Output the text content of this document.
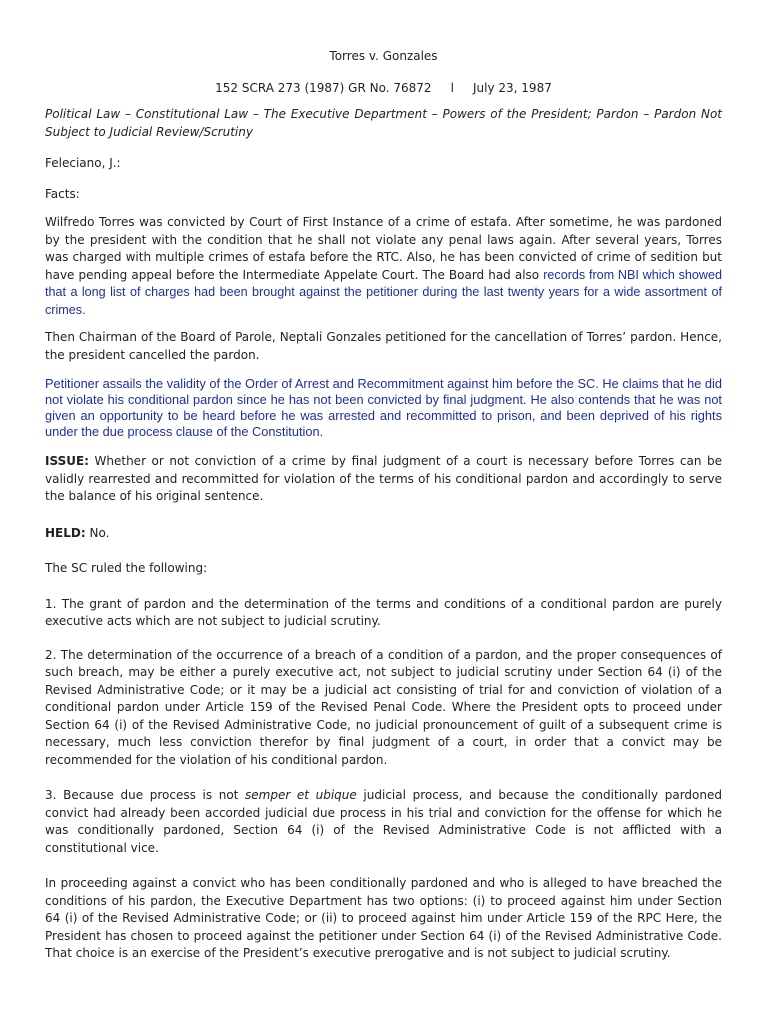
Torres v. Gonzales
152 SCRA 273 (1987) GR No. 76872     l     July 23, 1987

Political Law – Constitutional Law – The Executive Department – Powers of the President; Pardon – Pardon Not Subject to Judicial Review/Scrutiny

Feleciano, J.:

Facts:

Wilfredo Torres was convicted by Court of First Instance of a crime of estafa. After sometime, he was pardoned by the president with the condition that he shall not violate any penal laws again. After several years, Torres was charged with multiple crimes of estafa before the RTC. Also, he has been convicted of crime of sedition but have pending appeal before the Intermediate Appelate Court. The Board had also records from NBI which showed that a long list of charges had been brought against the petitioner during the last twenty years for a wide assortment of crimes.

Then Chairman of the Board of Parole, Neptali Gonzales petitioned for the cancellation of Torres’ pardon. Hence, the president cancelled the pardon.

Petitioner assails the validity of the Order of Arrest and Recommitment against him before the SC. He claims that he did not violate his conditional pardon since he has not been convicted by final judgment. He also contends that he was not given an opportunity to be heard before he was arrested and recommitted to prison, and been deprived of his rights under the due process clause of the Constitution.

ISSUE: Whether or not conviction of a crime by final judgment of a court is necessary before Torres can be validly rearrested and recommitted for violation of the terms of his conditional pardon and accordingly to serve the balance of his original sentence.

HELD: No.

The SC ruled the following:

1. The grant of pardon and the determination of the terms and conditions of a conditional pardon are purely executive acts which are not subject to judicial scrutiny.

2. The determination of the occurrence of a breach of a condition of a pardon, and the proper consequences of such breach, may be either a purely executive act, not subject to judicial scrutiny under Section 64 (i) of the Revised Administrative Code; or it may be a judicial act consisting of trial for and conviction of violation of a conditional pardon under Article 159 of the Revised Penal Code. Where the President opts to proceed under Section 64 (i) of the Revised Administrative Code, no judicial pronouncement of guilt of a subsequent crime is necessary, much less conviction therefor by final judgment of a court, in order that a convict may be recommended for the violation of his conditional pardon.

3. Because due process is not semper et ubique judicial process, and because the conditionally pardoned convict had already been accorded judicial due process in his trial and conviction for the offense for which he was conditionally pardoned, Section 64 (i) of the Revised Administrative Code is not afflicted with a constitutional vice.

In proceeding against a convict who has been conditionally pardoned and who is alleged to have breached the conditions of his pardon, the Executive Department has two options: (i) to proceed against him under Section 64 (i) of the Revised Administrative Code; or (ii) to proceed against him under Article 159 of the RPC Here, the President has chosen to proceed against the petitioner under Section 64 (i) of the Revised Administrative Code. That choice is an exercise of the President’s executive prerogative and is not subject to judicial scrutiny.
